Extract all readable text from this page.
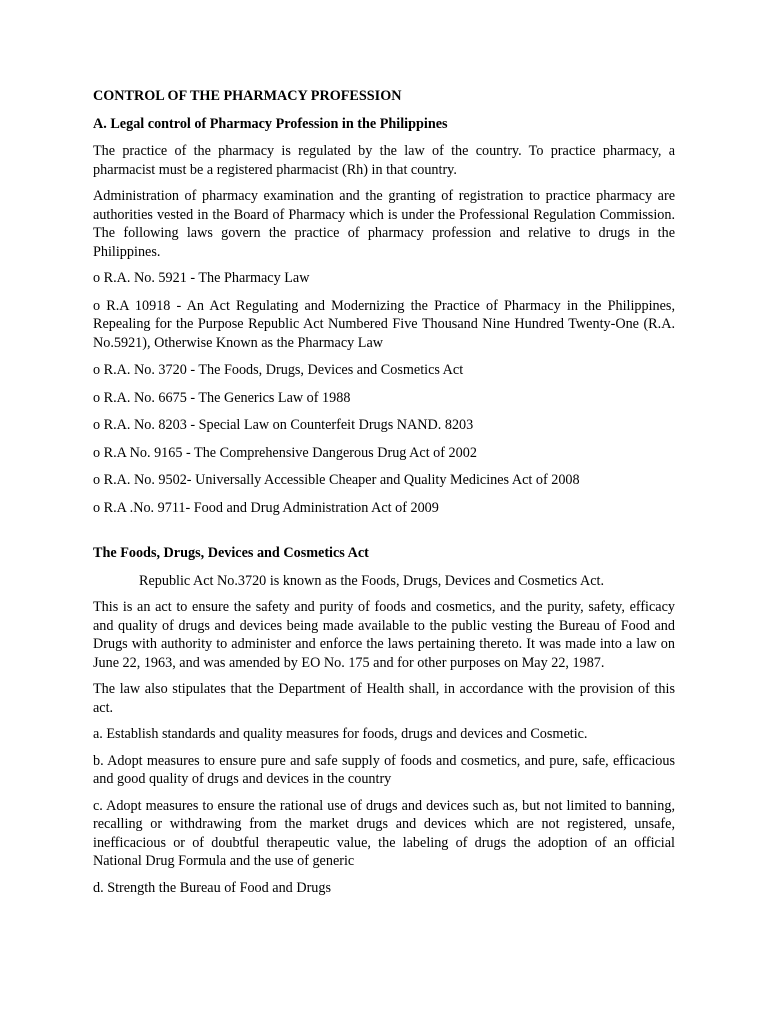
CONTROL OF THE PHARMACY PROFESSION

A. Legal control of Pharmacy Profession in the Philippines

The practice of the pharmacy is regulated by the law of the country. To practice pharmacy, a pharmacist must be a registered pharmacist (Rh) in that country.

Administration of pharmacy examination and the granting of registration to practice pharmacy are authorities vested in the Board of Pharmacy which is under the Professional Regulation Commission. The following laws govern the practice of pharmacy profession and relative to drugs in the Philippines.

o R.A. No. 5921 - The Pharmacy Law

o R.A 10918 - An Act Regulating and Modernizing the Practice of Pharmacy in the Philippines, Repealing for the Purpose Republic Act Numbered Five Thousand Nine Hundred Twenty-One (R.A. No.5921), Otherwise Known as the Pharmacy Law

o R.A. No. 3720 - The Foods, Drugs, Devices and Cosmetics Act

o R.A. No. 6675 - The Generics Law of 1988

o R.A. No. 8203 - Special Law on Counterfeit Drugs NAND. 8203

o R.A No. 9165 - The Comprehensive Dangerous Drug Act of 2002

o R.A. No. 9502- Universally Accessible Cheaper and Quality Medicines Act of 2008

o R.A .No. 9711- Food and Drug Administration Act of 2009

The Foods, Drugs, Devices and Cosmetics Act

Republic Act No.3720 is known as the Foods, Drugs, Devices and Cosmetics Act.

This is an act to ensure the safety and purity of foods and cosmetics, and the purity, safety, efficacy and quality of drugs and devices being made available to the public vesting the Bureau of Food and Drugs with authority to administer and enforce the laws pertaining thereto. It was made into a law on June 22, 1963, and was amended by EO No. 175 and for other purposes on May 22, 1987.

The law also stipulates that the Department of Health shall, in accordance with the provision of this act.

a. Establish standards and quality measures for foods, drugs and devices and Cosmetic.

b. Adopt measures to ensure pure and safe supply of foods and cosmetics, and pure, safe, efficacious and good quality of drugs and devices in the country

c. Adopt measures to ensure the rational use of drugs and devices such as, but not limited to banning, recalling or withdrawing from the market drugs and devices which are not registered, unsafe, inefficacious or of doubtful therapeutic value, the labeling of drugs the adoption of an official National Drug Formula and the use of generic

d. Strength the Bureau of Food and Drugs
